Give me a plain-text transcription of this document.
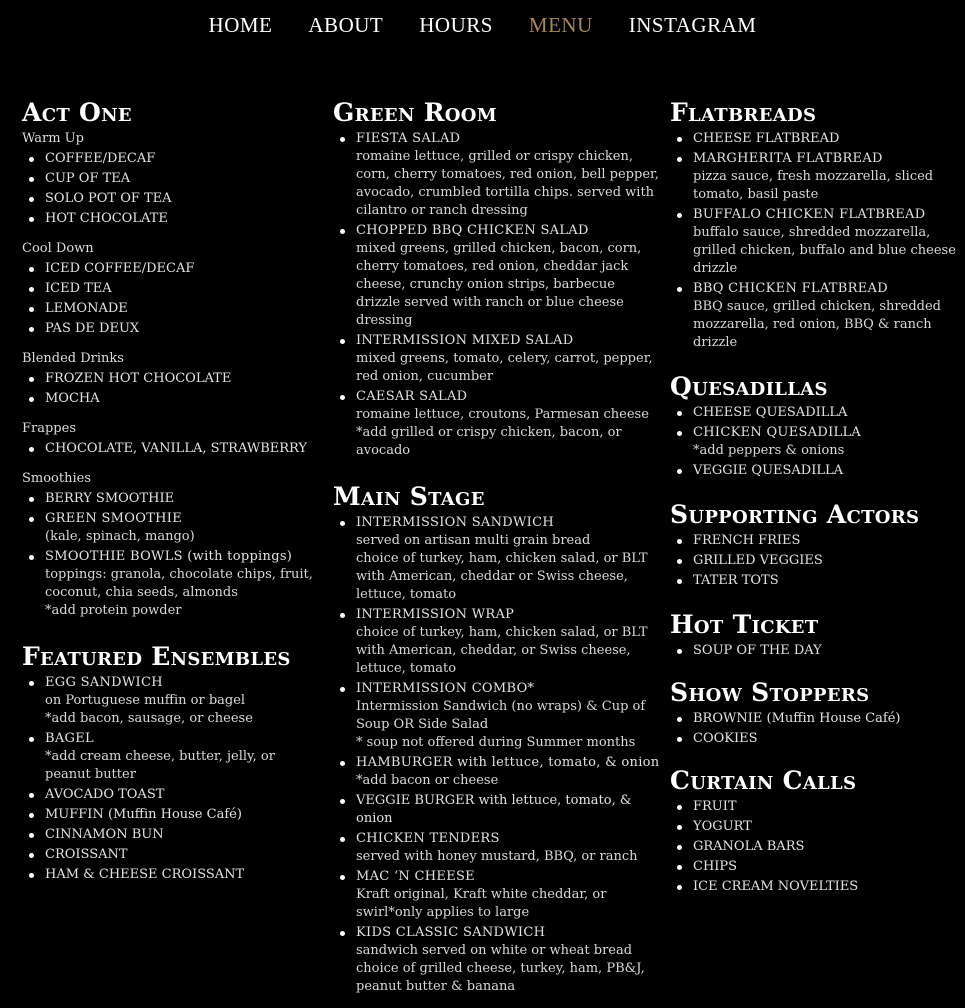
HOME ABOUT HOURS MENU INSTAGRAM
Act One
Warm Up
COFFEE/DECAF
CUP OF TEA
SOLO POT OF TEA
HOT CHOCOLATE
Cool Down
ICED COFFEE/DECAF
ICED TEA
LEMONADE
PAS DE DEUX
Blended Drinks
FROZEN HOT CHOCOLATE
MOCHA
Frappes
CHOCOLATE, VANILLA, STRAWBERRY
Smoothies
BERRY SMOOTHIE
GREEN SMOOTHIE
(kale, spinach, mango)
SMOOTHIE BOWLS (with toppings)
toppings: granola, chocolate chips, fruit, coconut, chia seeds, almonds
*add protein powder
Featured Ensembles
EGG SANDWICH
on Portuguese muffin or bagel
*add bacon, sausage, or cheese
BAGEL
*add cream cheese, butter, jelly, or peanut butter
AVOCADO TOAST
MUFFIN (Muffin House Café)
CINNAMON BUN
CROISSANT
HAM & CHEESE CROISSANT
Green Room
FIESTA SALAD
romaine lettuce, grilled or crispy chicken, corn, cherry tomatoes, red onion, bell pepper, avocado, crumbled tortilla chips. served with cilantro or ranch dressing
CHOPPED BBQ CHICKEN SALAD
mixed greens, grilled chicken, bacon, corn, cherry tomatoes, red onion, cheddar jack cheese, crunchy onion strips, barbecue drizzle served with ranch or blue cheese dressing
INTERMISSION MIXED SALAD
mixed greens, tomato, celery, carrot, pepper, red onion, cucumber
CAESAR SALAD
romaine lettuce, croutons, Parmesan cheese
*add grilled or crispy chicken, bacon, or avocado
Main Stage
INTERMISSION SANDWICH
served on artisan multi grain bread
choice of turkey, ham, chicken salad, or BLT with American, cheddar or Swiss cheese, lettuce, tomato
INTERMISSION WRAP
choice of turkey, ham, chicken salad, or BLT with American, cheddar, or Swiss cheese, lettuce, tomato
INTERMISSION COMBO*
Intermission Sandwich (no wraps) & Cup of Soup OR Side Salad
* soup not offered during Summer months
HAMBURGER with lettuce, tomato, & onion
*add bacon or cheese
VEGGIE BURGER with lettuce, tomato, & onion
CHICKEN TENDERS
served with honey mustard, BBQ, or ranch
MAC ‘N CHEESE
Kraft original, Kraft white cheddar, or swirl*only applies to large
KIDS CLASSIC SANDWICH
sandwich served on white or wheat bread choice of grilled cheese, turkey, ham, PB&J, peanut butter & banana
Flatbreads
CHEESE FLATBREAD
MARGHERITA FLATBREAD
pizza sauce, fresh mozzarella, sliced tomato, basil paste
BUFFALO CHICKEN FLATBREAD
buffalo sauce, shredded mozzarella, grilled chicken, buffalo and blue cheese drizzle
BBQ CHICKEN FLATBREAD
BBQ sauce, grilled chicken, shredded mozzarella, red onion, BBQ & ranch drizzle
Quesadillas
CHEESE QUESADILLA
CHICKEN QUESADILLA
*add peppers & onions
VEGGIE QUESADILLA
Supporting Actors
FRENCH FRIES
GRILLED VEGGIES
TATER TOTS
Hot Ticket
SOUP OF THE DAY
Show Stoppers
BROWNIE (Muffin House Café)
COOKIES
Curtain Calls
FRUIT
YOGURT
GRANOLA BARS
CHIPS
ICE CREAM NOVELTIES
